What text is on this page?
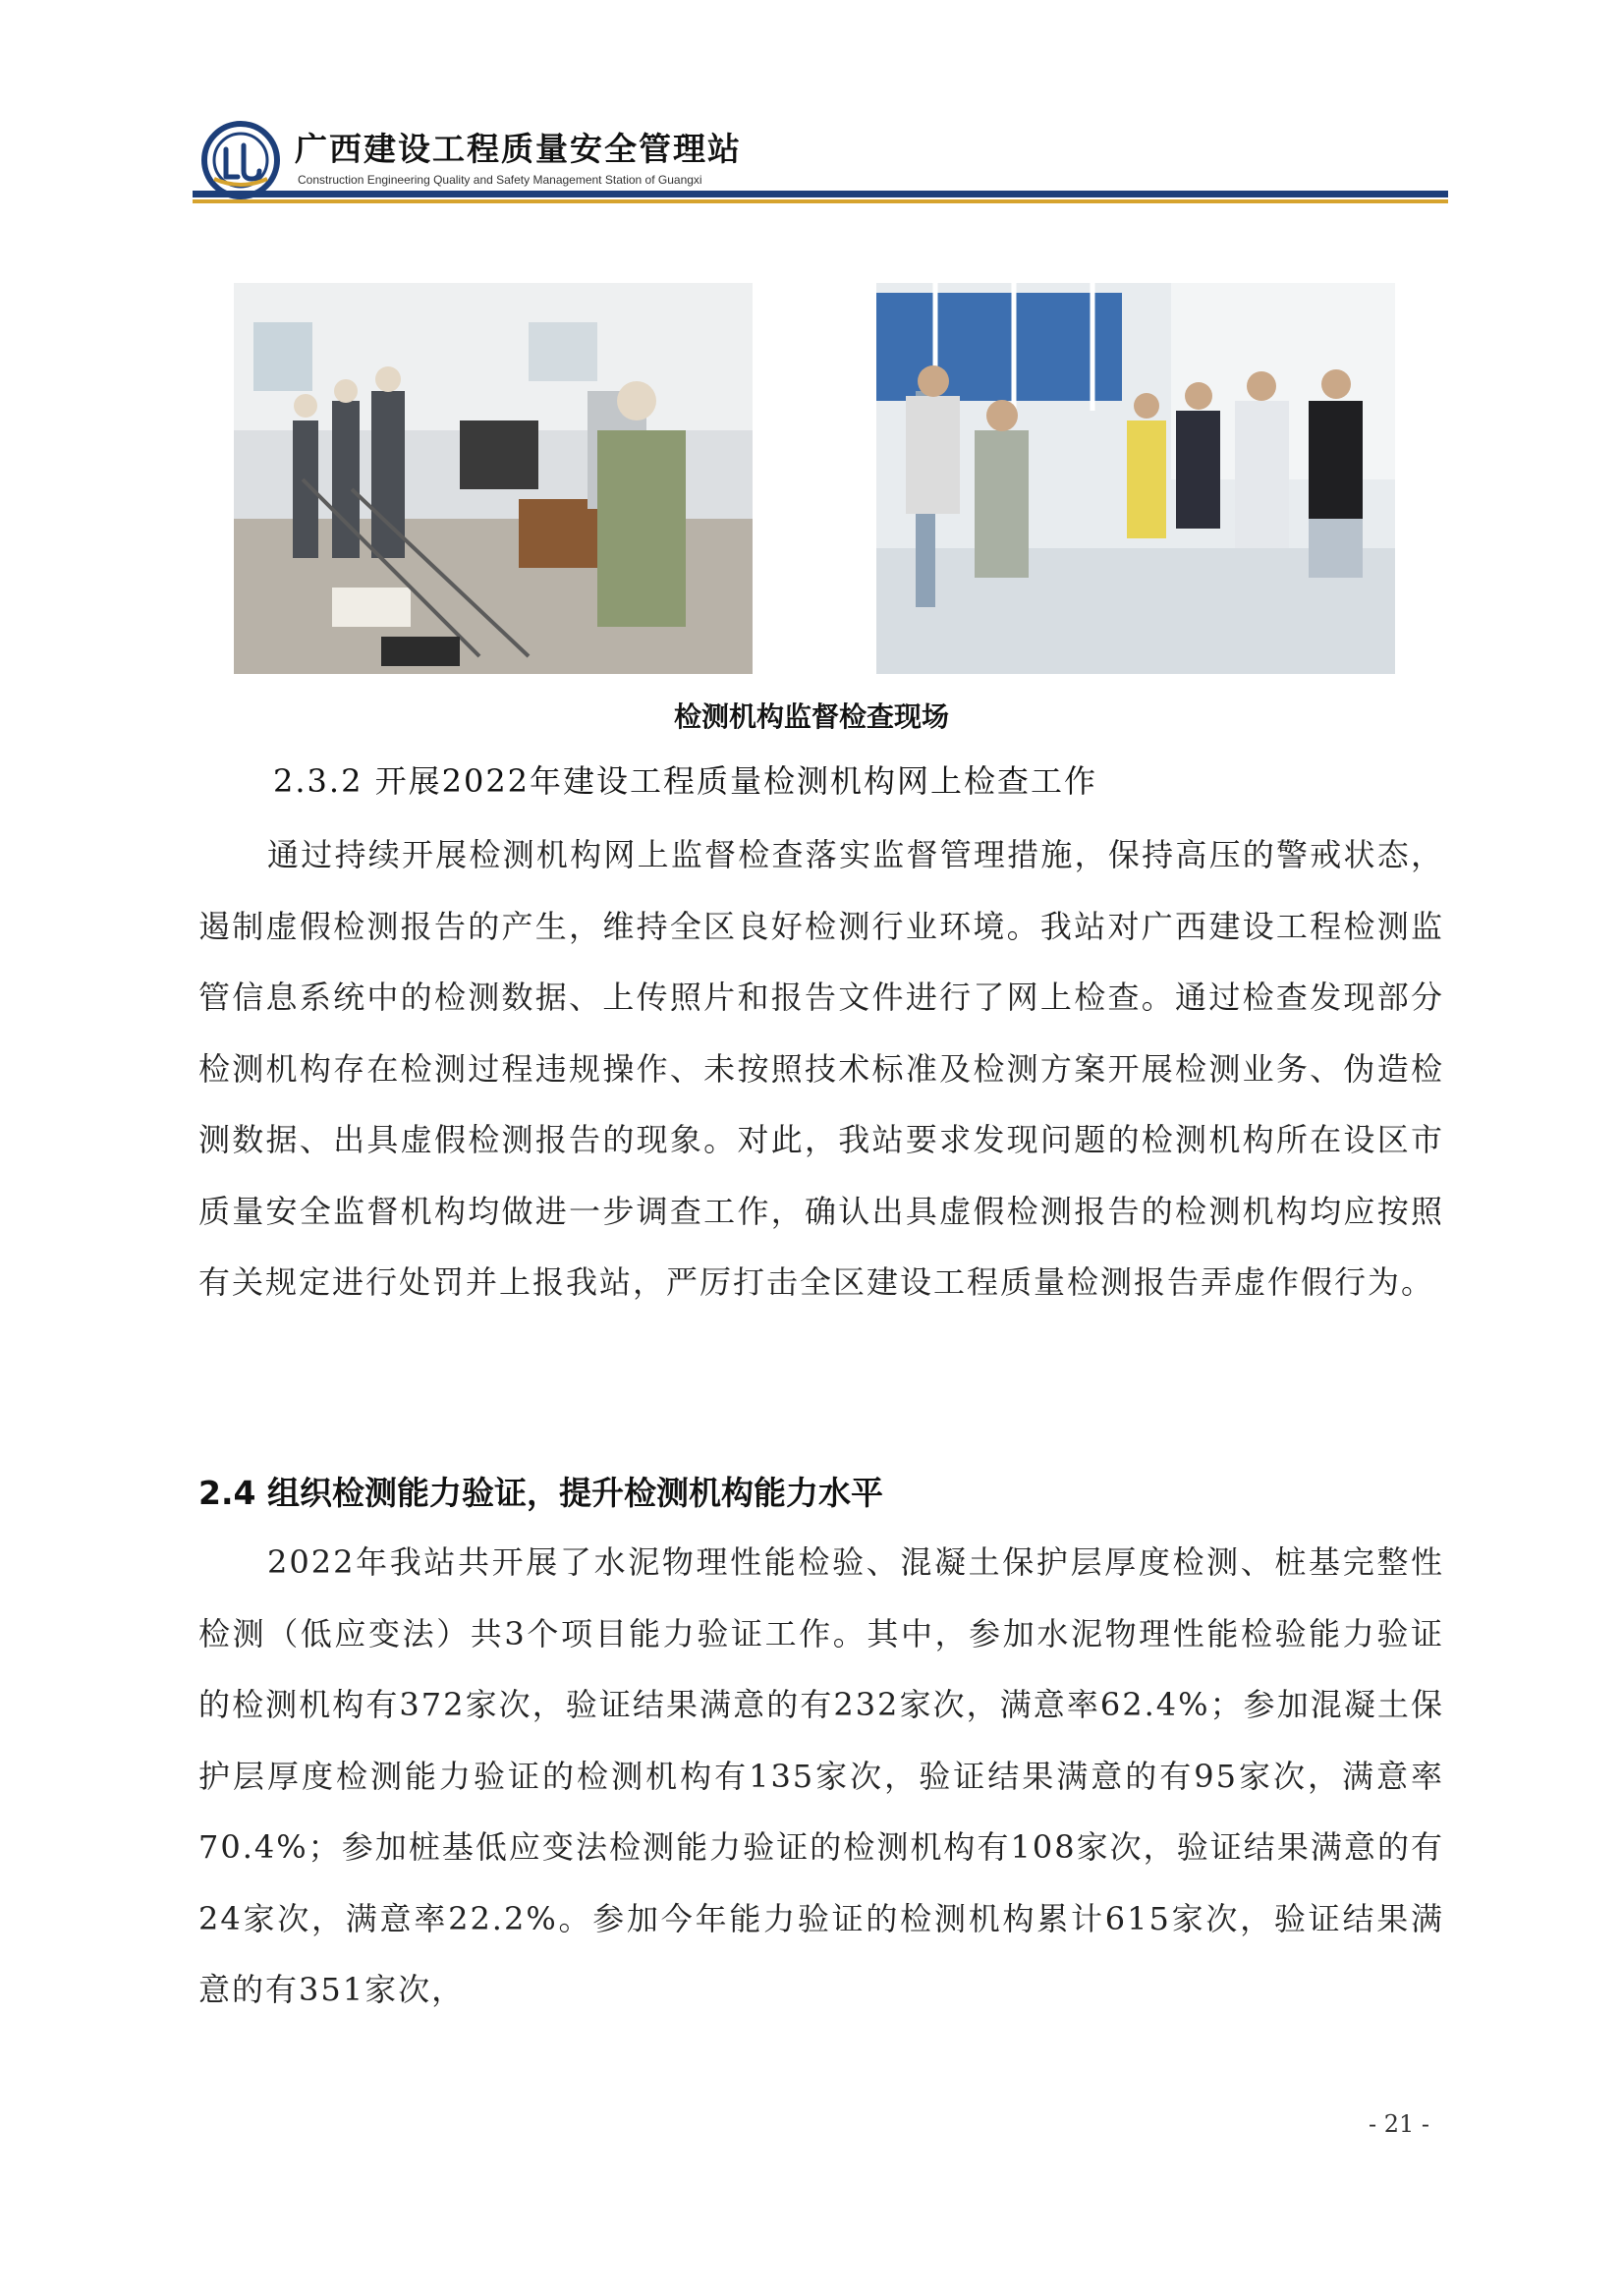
广西建设工程质量安全管理站
Construction Engineering Quality and Safety Management Station of Guangxi
检测机构监督检查现场
2.3.2 开展2022年建设工程质量检测机构网上检查工作

通过持续开展检测机构网上监督检查落实监督管理措施，保持高压的警戒状态，遏制虚假检测报告的产生，维持全区良好检测行业环境。我站对广西建设工程检测监管信息系统中的检测数据、上传照片和报告文件进行了网上检查。通过检查发现部分检测机构存在检测过程违规操作、未按照技术标准及检测方案开展检测业务、伪造检测数据、出具虚假检测报告的现象。对此，我站要求发现问题的检测机构所在设区市质量安全监督机构均做进一步调查工作，确认出具虚假检测报告的检测机构均应按照有关规定进行处罚并上报我站，严厉打击全区建设工程质量检测报告弄虚作假行为。

2.4 组织检测能力验证，提升检测机构能力水平

2022年我站共开展了水泥物理性能检验、混凝土保护层厚度检测、桩基完整性检测（低应变法）共3个项目能力验证工作。其中，参加水泥物理性能检验能力验证的检测机构有372家次，验证结果满意的有232家次，满意率62.4%；参加混凝土保护层厚度检测能力验证的检测机构有135家次，验证结果满意的有95家次，满意率70.4%；参加桩基低应变法检测能力验证的检测机构有108家次，验证结果满意的有24家次，满意率22.2%。参加今年能力验证的检测机构累计615家次，验证结果满意的有351家次，

- 21 -
